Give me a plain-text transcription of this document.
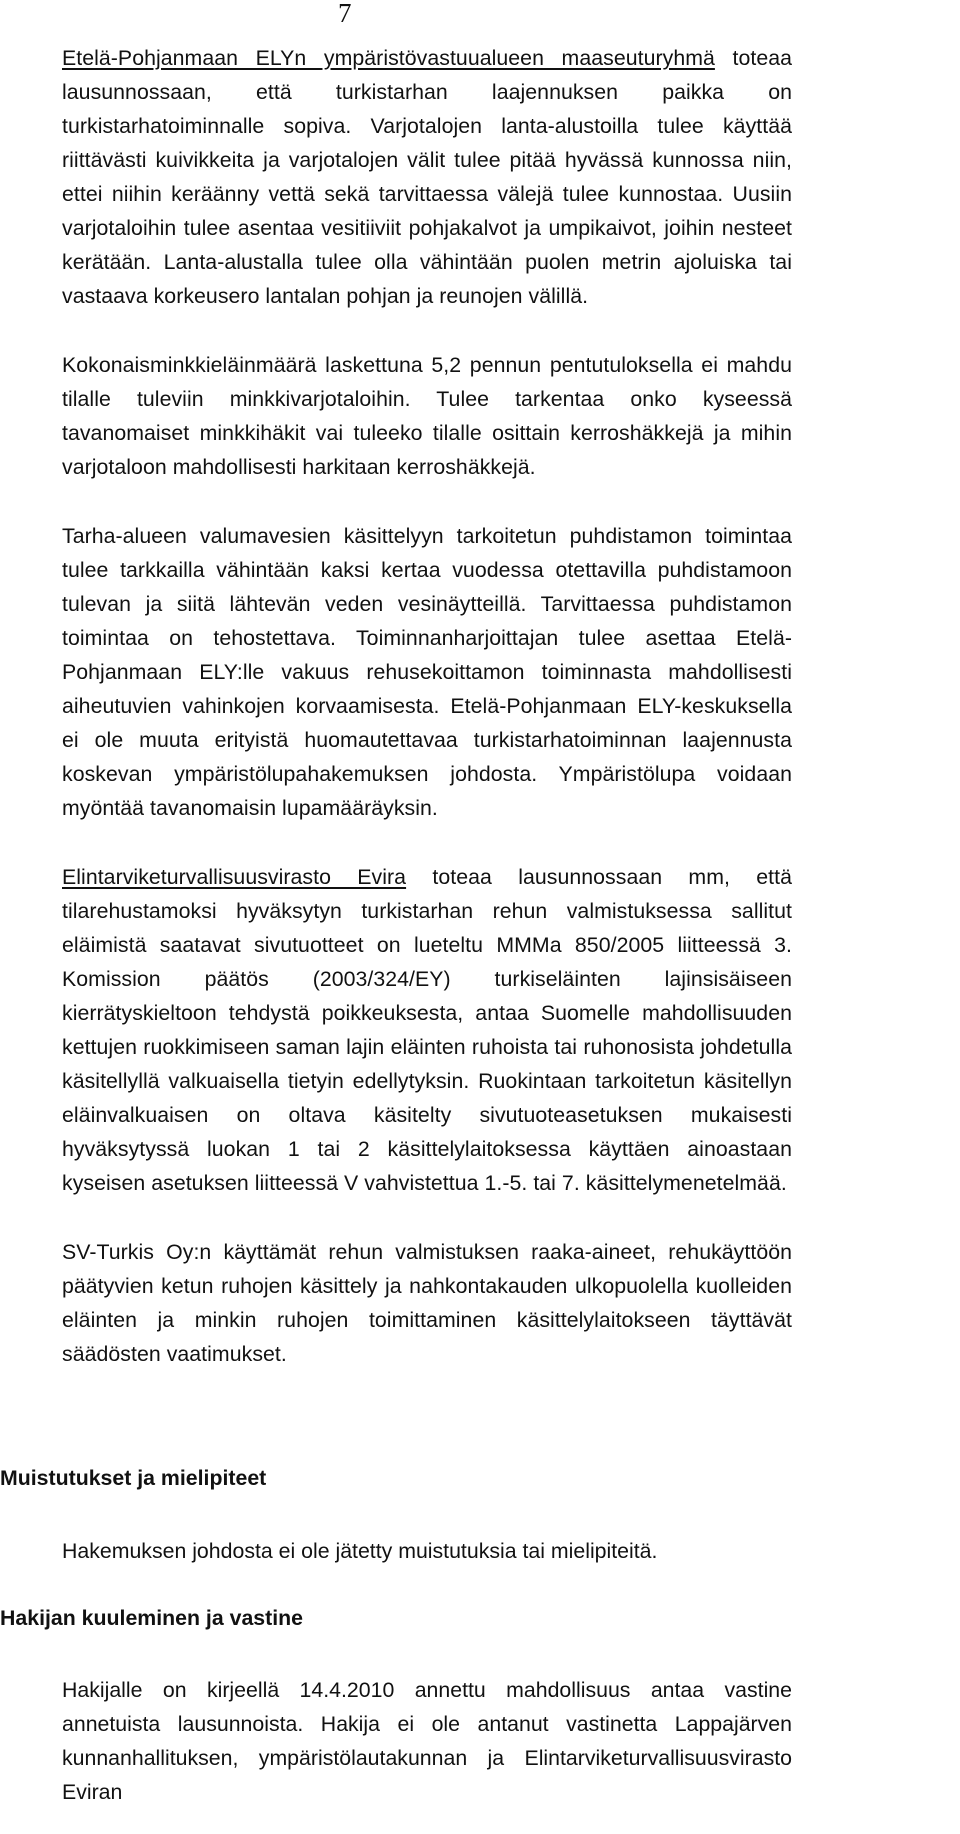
7

Etelä-Pohjanmaan ELYn ympäristövastuualueen maaseuturyhmä toteaa lausunnossaan, että turkistarhan laajennuksen paikka on turkistarhatoiminnalle sopiva. Varjotalojen lanta-alustoilla tulee käyttää riittävästi kuivikkeita ja varjotalojen välit tulee pitää hyvässä kunnossa niin, ettei niihin keräänny vettä sekä tarvittaessa välejä tulee kunnostaa. Uusiin varjotaloihin tulee asentaa vesitiiviit pohjakalvot ja umpikaivot, joihin nesteet kerätään. Lanta-alustalla tulee olla vähintään puolen metrin ajoluiska tai vastaava korkeusero lantalan pohjan ja reunojen välillä.

Kokonaisminkkieläinmäärä laskettuna 5,2 pennun pentutuloksella ei mahdu tilalle tuleviin minkkivarjotaloihin. Tulee tarkentaa onko kyseessä tavanomaiset minkkihäkit vai tuleeko tilalle osittain kerroshäkkejä ja mihin varjotaloon mahdollisesti harkitaan kerroshäkkejä.

Tarha-alueen valumavesien käsittelyyn tarkoitetun puhdistamon toimintaa tulee tarkkailla vähintään kaksi kertaa vuodessa otettavilla puhdistamoon tulevan ja siitä lähtevän veden vesinäytteillä. Tarvittaessa puhdistamon toimintaa on tehostettava. Toiminnanharjoittajan tulee asettaa Etelä-Pohjanmaan ELY:lle vakuus rehusekoittamon toiminnasta mahdollisesti aiheutuvien vahinkojen korvaamisesta. Etelä-Pohjanmaan ELY-keskuksella ei ole muuta erityistä huomautettavaa turkistarhatoiminnan laajennusta koskevan ympäristölupahakemuksen johdosta. Ympäristölupa voidaan myöntää tavanomaisin lupamääräyksin.

Elintarviketurvallisuusvirasto Evira toteaa lausunnossaan mm, että tilarehustamoksi hyväksytyn turkistarhan rehun valmistuksessa sallitut eläimistä saatavat sivutuotteet on lueteltu MMMa 850/2005 liitteessä 3. Komission päätös (2003/324/EY) turkiseläinten lajinsisäiseen kierrätyskieltoon tehdystä poikkeuksesta, antaa Suomelle mahdollisuuden kettujen ruokkimiseen saman lajin eläinten ruhoista tai ruhonosista johdetulla käsitellyllä valkuaisella tietyin edellytyksin. Ruokintaan tarkoitetun käsitellyn eläinvalkuaisen on oltava käsitelty sivutuoteasetuksen mukaisesti hyväksytyssä luokan 1 tai 2 käsittelylaitoksessa käyttäen ainoastaan kyseisen asetuksen liitteessä V vahvistettua 1.-5. tai 7. käsittelymenetelmää.

SV-Turkis Oy:n käyttämät rehun valmistuksen raaka-aineet, rehukäyttöön päätyvien ketun ruhojen käsittely ja nahkontakauden ulkopuolella kuolleiden eläinten ja minkin ruhojen toimittaminen käsittelylaitokseen täyttävät säädösten vaatimukset.

Muistutukset ja mielipiteet

Hakemuksen johdosta ei ole jätetty muistutuksia tai mielipiteitä.

Hakijan kuuleminen ja vastine

Hakijalle on kirjeellä 14.4.2010 annettu mahdollisuus antaa vastine annetuista lausunnoista. Hakija ei ole antanut vastinetta Lappajärven kunnanhallituksen, ympäristölautakunnan ja Elintarviketurvallisuusvirasto Eviran
